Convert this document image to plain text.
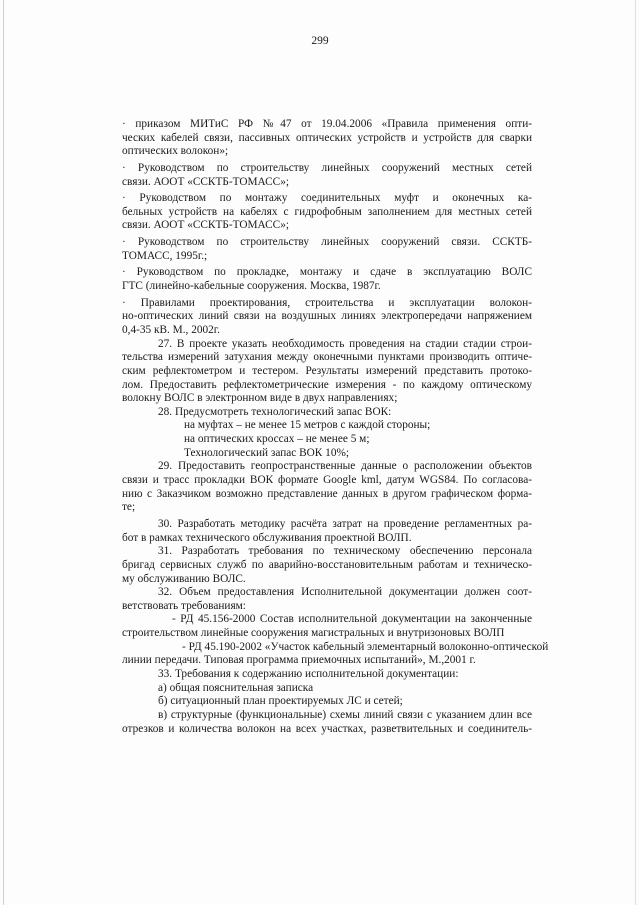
299
· приказом МИТиС РФ №47 от 19.04.2006 «Правила применения опти-
ческих кабелей связи, пассивных оптических устройств и устройств для сварки
оптических волокон»;
· Руководством по строительству линейных сооружений местных сетей
связи. АООТ «ССКТБ-ТОМАСС»;
· Руководством по монтажу соединительных муфт и оконечных ка-
бельных устройств на кабелях с гидрофобным заполнением для местных сетей
связи. АООТ «ССКТБ-ТОМАСС»;
· Руководством по строительству линейных сооружений связи. ССКТБ-
ТОМАСС, 1995г.;
· Руководством по прокладке, монтажу и сдаче в эксплуатацию ВОЛС
ГТС (линейно-кабельные сооружения. Москва, 1987г.
· Правилами проектирования, строительства и эксплуатации волокон-
но-оптических линий связи на воздушных линиях электропередачи напряжением
0,4-35 кВ. М., 2002г.
27. В проекте указать необходимость проведения на стадии стадии строи-
тельства измерений затухания между оконечными пунктами производить оптиче-
ским рефлектометром и тестером. Результаты измерений представить протоко-
лом. Предоставить рефлектометрические измерения - по каждому оптическому
волокну ВОЛС в электронном виде в двух направлениях;
28. Предусмотреть технологический запас ВОК:
на муфтах – не менее 15 метров с каждой стороны;
на оптических кроссах – не менее 5 м;
Технологический запас ВОК 10%;
29. Предоставить геопространственные данные о расположении объектов
связи и трасс прокладки ВОК формате Google kml, датум WGS84. По согласова-
нию с Заказчиком возможно представление данных в другом графическом форма-
те;
30. Разработать методику расчёта затрат на проведение регламентных ра-
бот в рамках технического обслуживания проектной ВОЛП.
31. Разработать требования по техническому обеспечению персонала
бригад сервисных служб по аварийно-восстановительным работам и техническо-
му обслуживанию ВОЛС.
32. Объем предоставления Исполнительной документации должен соот-
ветствовать требованиям:
- РД 45.156-2000 Состав исполнительной документации на законченные
строительством линейные сооружения магистральных и внутризоновых ВОЛП
- РД 45.190-2002 «Участок кабельный элементарный волоконно-оптической
линии передачи. Типовая программа приемочных испытаний», М.,2001 г.
33. Требования к содержанию исполнительной документации:
а) общая пояснительная записка
б) ситуационный план проектируемых ЛС и сетей;
в) структурные (функциональные) схемы линий связи с указанием длин все
отрезков и количества волокон на всех участках, разветвительных и соединитель-
